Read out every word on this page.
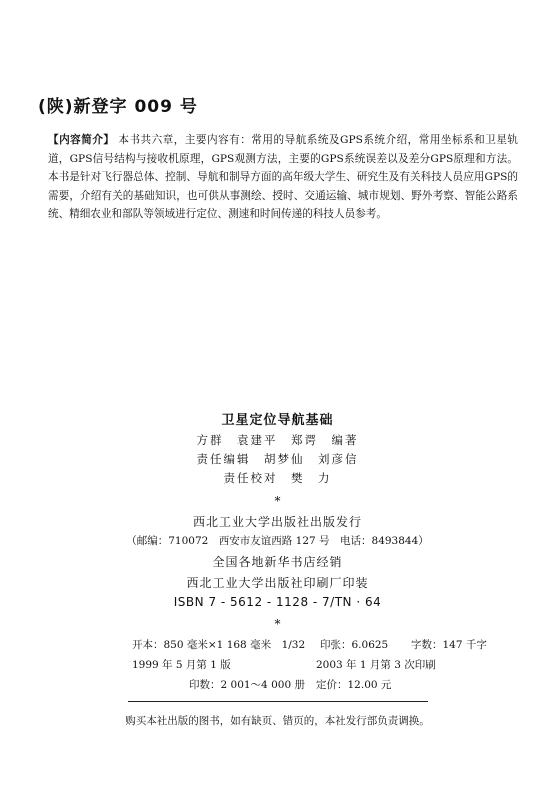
(陕)新登字 009 号
【内容简介】 本书共六章，主要内容有：常用的导航系统及GPS系统介绍，常用坐标系和卫星轨道，GPS信号结构与接收机原理，GPS观测方法，主要的GPS系统误差以及差分GPS原理和方法。本书是针对飞行器总体、控制、导航和制导方面的高年级大学生、研究生及有关科技人员应用GPS的需要，介绍有关的基础知识，也可供从事测绘、授时、交通运输、城市规划、野外考察、智能公路系统、精细农业和部队等领域进行定位、测速和时间传递的科技人员参考。
卫星定位导航基础
方群　袁建平　郑谔　编著
责任编辑　胡梦仙　刘彦信
责任校对　樊　力
*
西北工业大学出版社出版发行
（邮编：710072　西安市友谊西路 127 号　电话：8493844）
全国各地新华书店经销
西北工业大学出版社印刷厂印装
ISBN 7 - 5612 - 1128 - 7/TN · 64
*
开本：850 毫米×1 168 毫米　1/32 印张：6.0625 字数：147 千字
1999 年 5 月第 1 版	2003 年 1 月第 3 次印刷
印数：2 001～4 000 册 定价：12.00 元
购买本社出版的图书，如有缺页、错页的，本社发行部负责调换。
